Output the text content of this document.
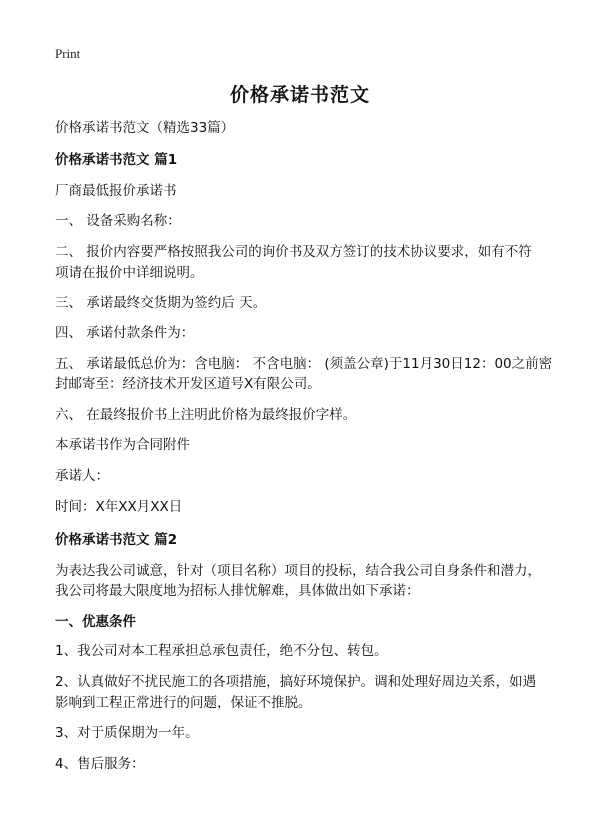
Print
价格承诺书范文
价格承诺书范文（精选33篇）
价格承诺书范文 篇1
厂商最低报价承诺书
一、 设备采购名称：
二、 报价内容要严格按照我公司的询价书及双方签订的技术协议要求，如有不符
项请在报价中详细说明。
三、 承诺最终交货期为签约后 天。
四、 承诺付款条件为：
五、 承诺最低总价为：含电脑： 不含电脑： (须盖公章)于11月30日12：00之前密
封邮寄至：经济技术开发区道号X有限公司。
六、 在最终报价书上注明此价格为最终报价字样。
本承诺书作为合同附件
承诺人：
时间：X年XX月XX日
价格承诺书范文 篇2
为表达我公司诚意，针对（项目名称）项目的投标，结合我公司自身条件和潜力，
我公司将最大限度地为招标人排忧解难，具体做出如下承诺：
一、优惠条件
1、我公司对本工程承担总承包责任，绝不分包、转包。
2、认真做好不扰民施工的各项措施，搞好环境保护。调和处理好周边关系，如遇
影响到工程正常进行的问题，保证不推脱。
3、对于质保期为一年。
4、售后服务：
